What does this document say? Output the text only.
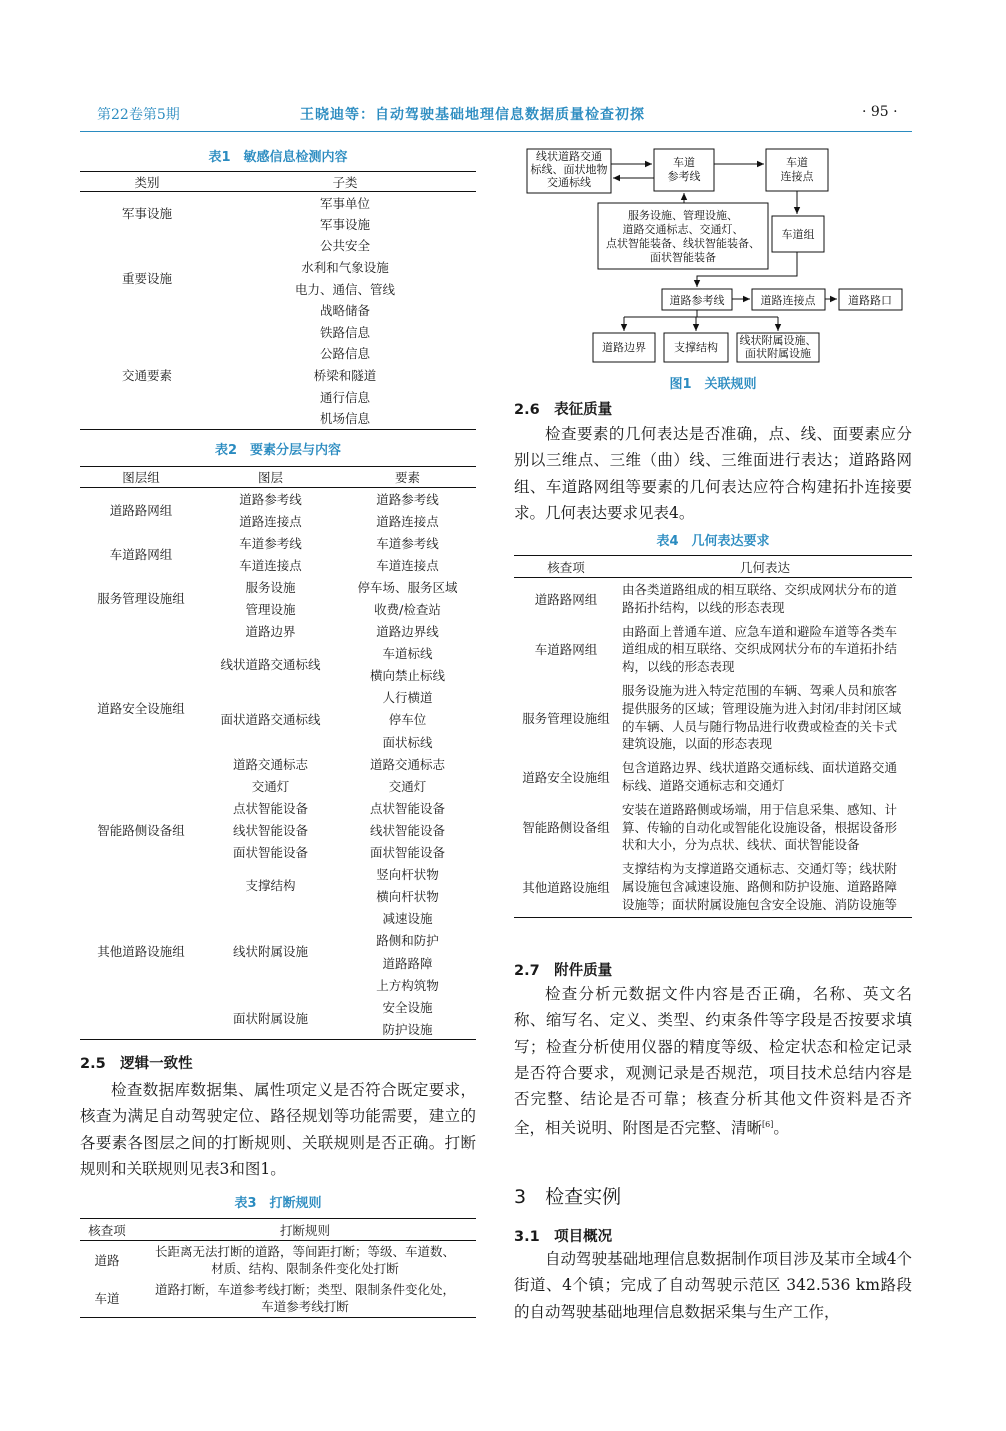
第22卷第5期	王晓迪等：自动驾驶基础地理信息数据质量检查初探	· 95 ·
表1　敏感信息检测内容
类别	子类
军事设施	军事单位
	军事设施
重要设施	公共安全
	水利和气象设施
	电力、通信、管线
	战略储备
交通要素	铁路信息
	公路信息
	桥梁和隧道
	通行信息
	机场信息
表2　要素分层与内容
图层组	图层	要素
道路路网组	道路参考线	道路参考线
	道路连接点	道路连接点
车道路网组	车道参考线	车道参考线
	车道连接点	车道连接点
服务管理设施组	服务设施	停车场、服务区域
	管理设施	收费/检查站
道路安全设施组	道路边界	道路边界线
	线状道路交通标线	车道标线
		横向禁止标线
	面状道路交通标线	人行横道
		停车位
		面状标线
	道路交通标志	道路交通标志
	交通灯	交通灯
智能路侧设备组	点状智能设备	点状智能设备
	线状智能设备	线状智能设备
	面状智能设备	面状智能设备
其他道路设施组	支撑结构	竖向杆状物
		横向杆状物
	线状附属设施	减速设施
		路侧和防护
		道路路障
		上方构筑物
	面状附属设施	安全设施
		防护设施
2.5　逻辑一致性

检查数据库数据集、属性项定义是否符合既定要求，核查为满足自动驾驶定位、路径规划等功能需要，建立的各要素各图层之间的打断规则、关联规则是否正确。打断规则和关联规则见表3和图1。

表3　打断规则
核查项	打断规则
道路	长距离无法打断的道路，等间距打断；等级、车道数、
材质、结构、限制条件变化处打断

车道	道路打断，车道参考线打断；类型、限制条件变化处，
车道参考线打断
线状道路交通
标线、面状地物
交通标线
车道
参考线
车道
连接点
服务设施、管理设施、
道路交通标志、交通灯、
点状智能装备、线状智能装备、
面状智能装备
车道组
道路参考线	道路连接点	道路路口
道路边界	支撑结构
线状附属设施、
面状附属设施
图1　关联规则
2.6　表征质量

检查要素的几何表达是否准确，点、线、面要素应分别以三维点、三维（曲）线、三维面进行表达；道路路网组、车道路网组等要素的几何表达应符合构建拓扑连接要求。几何表达要求见表4。

表4　几何表达要求
核查项	几何表达
道路路网组	由各类道路组成的相互联络、交织成网状分布的道路拓扑结构，以线的形态表现
车道路网组	由路面上普通车道、应急车道和避险车道等各类车道组成的相互联络、交织成网状分布的车道拓扑结构，以线的形态表现
服务管理设施组	服务设施为进入特定范围的车辆、驾乘人员和旅客提供服务的区域；管理设施为进入封闭/非封闭区域的车辆、人员与随行物品进行收费或检查的关卡式建筑设施，以面的形态表现
道路安全设施组	包含道路边界、线状道路交通标线、面状道路交通标线、道路交通标志和交通灯
智能路侧设备组	安装在道路路侧或场端，用于信息采集、感知、计算、传输的自动化或智能化设施设备，根据设备形状和大小，分为点状、线状、面状智能设备
其他道路设施组	支撑结构为支撑道路交通标志、交通灯等；线状附属设施包含减速设施、路侧和防护设施、道路路障设施等；面状附属设施包含安全设施、消防设施等
2.7　附件质量

检查分析元数据文件内容是否正确，名称、英文名称、缩写名、定义、类型、约束条件等字段是否按要求填写；检查分析使用仪器的精度等级、检定状态和检定记录是否符合要求，观测记录是否规范，项目技术总结内容是否完整、结论是否可靠；核查分析其他文件资料是否齐全，相关说明、附图是否完整、清晰[6]。

3　检查实例
3.1　项目概况

自动驾驶基础地理信息数据制作项目涉及某市全域4个街道、4个镇；完成了自动驾驶示范区 342.536 km路段的自动驾驶基础地理信息数据采集与生产工作，
